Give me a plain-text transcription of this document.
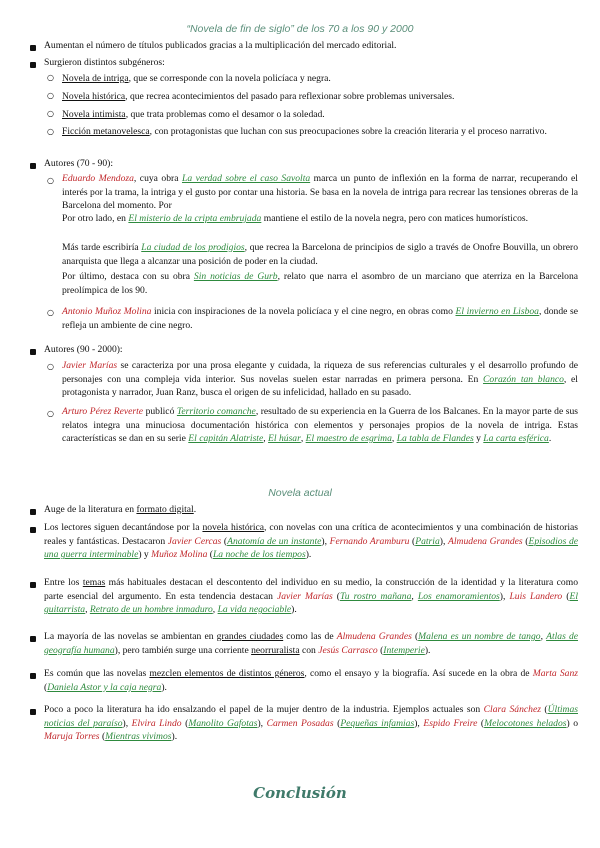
“Novela de fin de siglo” de los 70 a los 90 y 2000
Aumentan el número de títulos publicados gracias a la multiplicación del mercado editorial.
Surgieron distintos subgéneros:
○ Novela de intriga, que se corresponde con la novela policíaca y negra.
○ Novela histórica, que recrea acontecimientos del pasado para reflexionar sobre problemas universales.
○ Novela intimista, que trata problemas como el desamor o la soledad.
○ Ficción metanovelesca, con protagonistas que luchan con sus preocupaciones sobre la creación literaria y el proceso narrativo.
Autores (70 - 90):
○ Eduardo Mendoza, cuya obra La verdad sobre el caso Savolta marca un punto de inflexión en la forma de narrar, recuperando el interés por la trama, la intriga y el gusto por contar una historia. Se basa en la novela de intriga para recrear las tensiones obreras de la Barcelona del momento. Por
Por otro lado, en El misterio de la cripta embrujada mantiene el estilo de la novela negra, pero con matices humorísticos.
Más tarde escribiría La ciudad de los prodigios, que recrea la Barcelona de principios de siglo a través de Onofre Bouvilla, un obrero anarquista que llega a alcanzar una posición de poder en la ciudad.
Por último, destaca con su obra Sin noticias de Gurb, relato que narra el asombro de un marciano que aterriza en la Barcelona preolímpica de los 90.
○ Antonio Muñoz Molina inicia con inspiraciones de la novela policíaca y el cine negro, en obras como El invierno en Lisboa, donde se refleja un ambiente de cine negro.
Autores (90 - 2000):
○ Javier Marías se caracteriza por una prosa elegante y cuidada, la riqueza de sus referencias culturales y el desarrollo profundo de personajes con una compleja vida interior. Sus novelas suelen estar narradas en primera persona. En Corazón tan blanco, el protagonista y narrador, Juan Ranz, busca el origen de su infelicidad, hallado en su pasado.
○ Arturo Pérez Reverte publicó Territorio comanche, resultado de su experiencia en la Guerra de los Balcanes. En la mayor parte de sus relatos integra una minuciosa documentación histórica con elementos y personajes propios de la novela de intriga. Estas características se dan en su serie El capitán Alatriste, El húsar, El maestro de esgrima, La tabla de Flandes y La carta esférica.
Novela actual
Auge de la literatura en formato digital.
Los lectores siguen decantándose por la novela histórica, con novelas con una crítica de acontecimientos y una combinación de historias reales y fantásticas. Destacaron Javier Cercas (Anatomía de un instante), Fernando Aramburu (Patria), Almudena Grandes (Episodios de una guerra interminable) y Muñoz Molina (La noche de los tiempos).
Entre los temas más habituales destacan el descontento del individuo en su medio, la construcción de la identidad y la literatura como parte esencial del argumento. En esta tendencia destacan Javier Marías (Tu rostro mañana, Los enamoramientos), Luis Landero (El guitarrista, Retrato de un hombre inmaduro, La vida negociable).
La mayoría de las novelas se ambientan en grandes ciudades como las de Almudena Grandes (Malena es un nombre de tango, Atlas de geografía humana), pero también surge una corriente neorruralista con Jesús Carrasco (Intemperie).
Es común que las novelas mezclen elementos de distintos géneros, como el ensayo y la biografía. Así sucede en la obra de Marta Sanz (Daniela Astor y la caja negra).
Poco a poco la literatura ha ido ensalzando el papel de la mujer dentro de la industria. Ejemplos actuales son Clara Sánchez (Últimas noticias del paraíso), Elvira Lindo (Manolito Gafotas), Carmen Posadas (Pequeñas infamias), Espido Freire (Melocotones helados) o Maruja Torres (Mientras vivimos).
Conclusión
